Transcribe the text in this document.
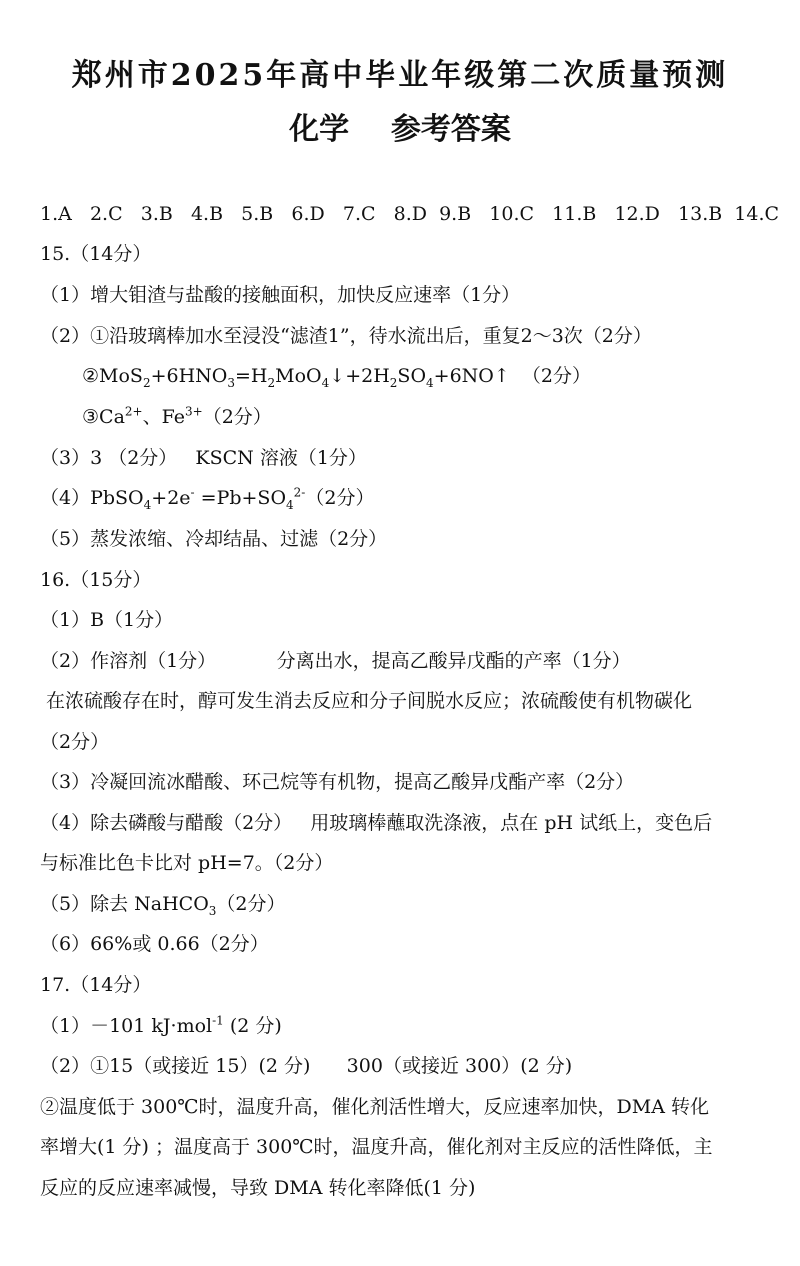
郑州市2025年高中毕业年级第二次质量预测
化学    参考答案
1.A   2.C   3.B   4.B   5.B   6.D   7.C   8.D  9.B   10.C   11.B   12.D   13.B  14.C
15.（14分）
（1）增大钼渣与盐酸的接触面积，加快反应速率（1分）
（2）①沿玻璃棒加水至浸没“滤渣1”，待水流出后，重复2～3次（2分）
$②MoS_2+6HNO_3=H_2MoO_4↓+2H_2SO_4+6NO↑$  （2分）
$③Ca^{2+}$、$Fe^{3+}(2$分）
（3）3 （2分）   KSCN 溶液（1分）
（4）PbSO$_4$+2e- $=Pb+SO_4^{2-}(2$分）
（5）蒸发浓缩、冷却结晶、过滤（2分）
16.（15分）
（1）B（1分）
（2）作溶剂（1分）          分离出水，提高乙酸异戊酯的产率（1分）
在浓硫酸存在时，醇可发生消去反应和分子间脱水反应；浓硫酸使有机物碳化
（2分）
（3）冷凝回流冰醋酸、环己烷等有机物，提高乙酸异戊酯产率（2分）
（4）除去磷酸与醋酸（2分）   用玻璃棒蘸取洗涤液，点在 pH 试纸上，变色后
与标准比色卡比对 pH=7。（2分）
（5）除去 NaHCO$_3$（2分）
（6）66%或 0.66（2分）
17.（14分）
（1）－101 kJ·mol$^{-1}$ (2 分)
（2）①15（或接近 15）(2 分)      300（或接近 300）(2 分)
②温度低于 300℃时，温度升高，催化剂活性增大，反应速率加快，DMA 转化
率增大(1 分) ；温度高于 300℃时，温度升高，催化剂对主反应的活性降低，主
反应的反应速率减慢，导致 DMA 转化率降低(1 分)
